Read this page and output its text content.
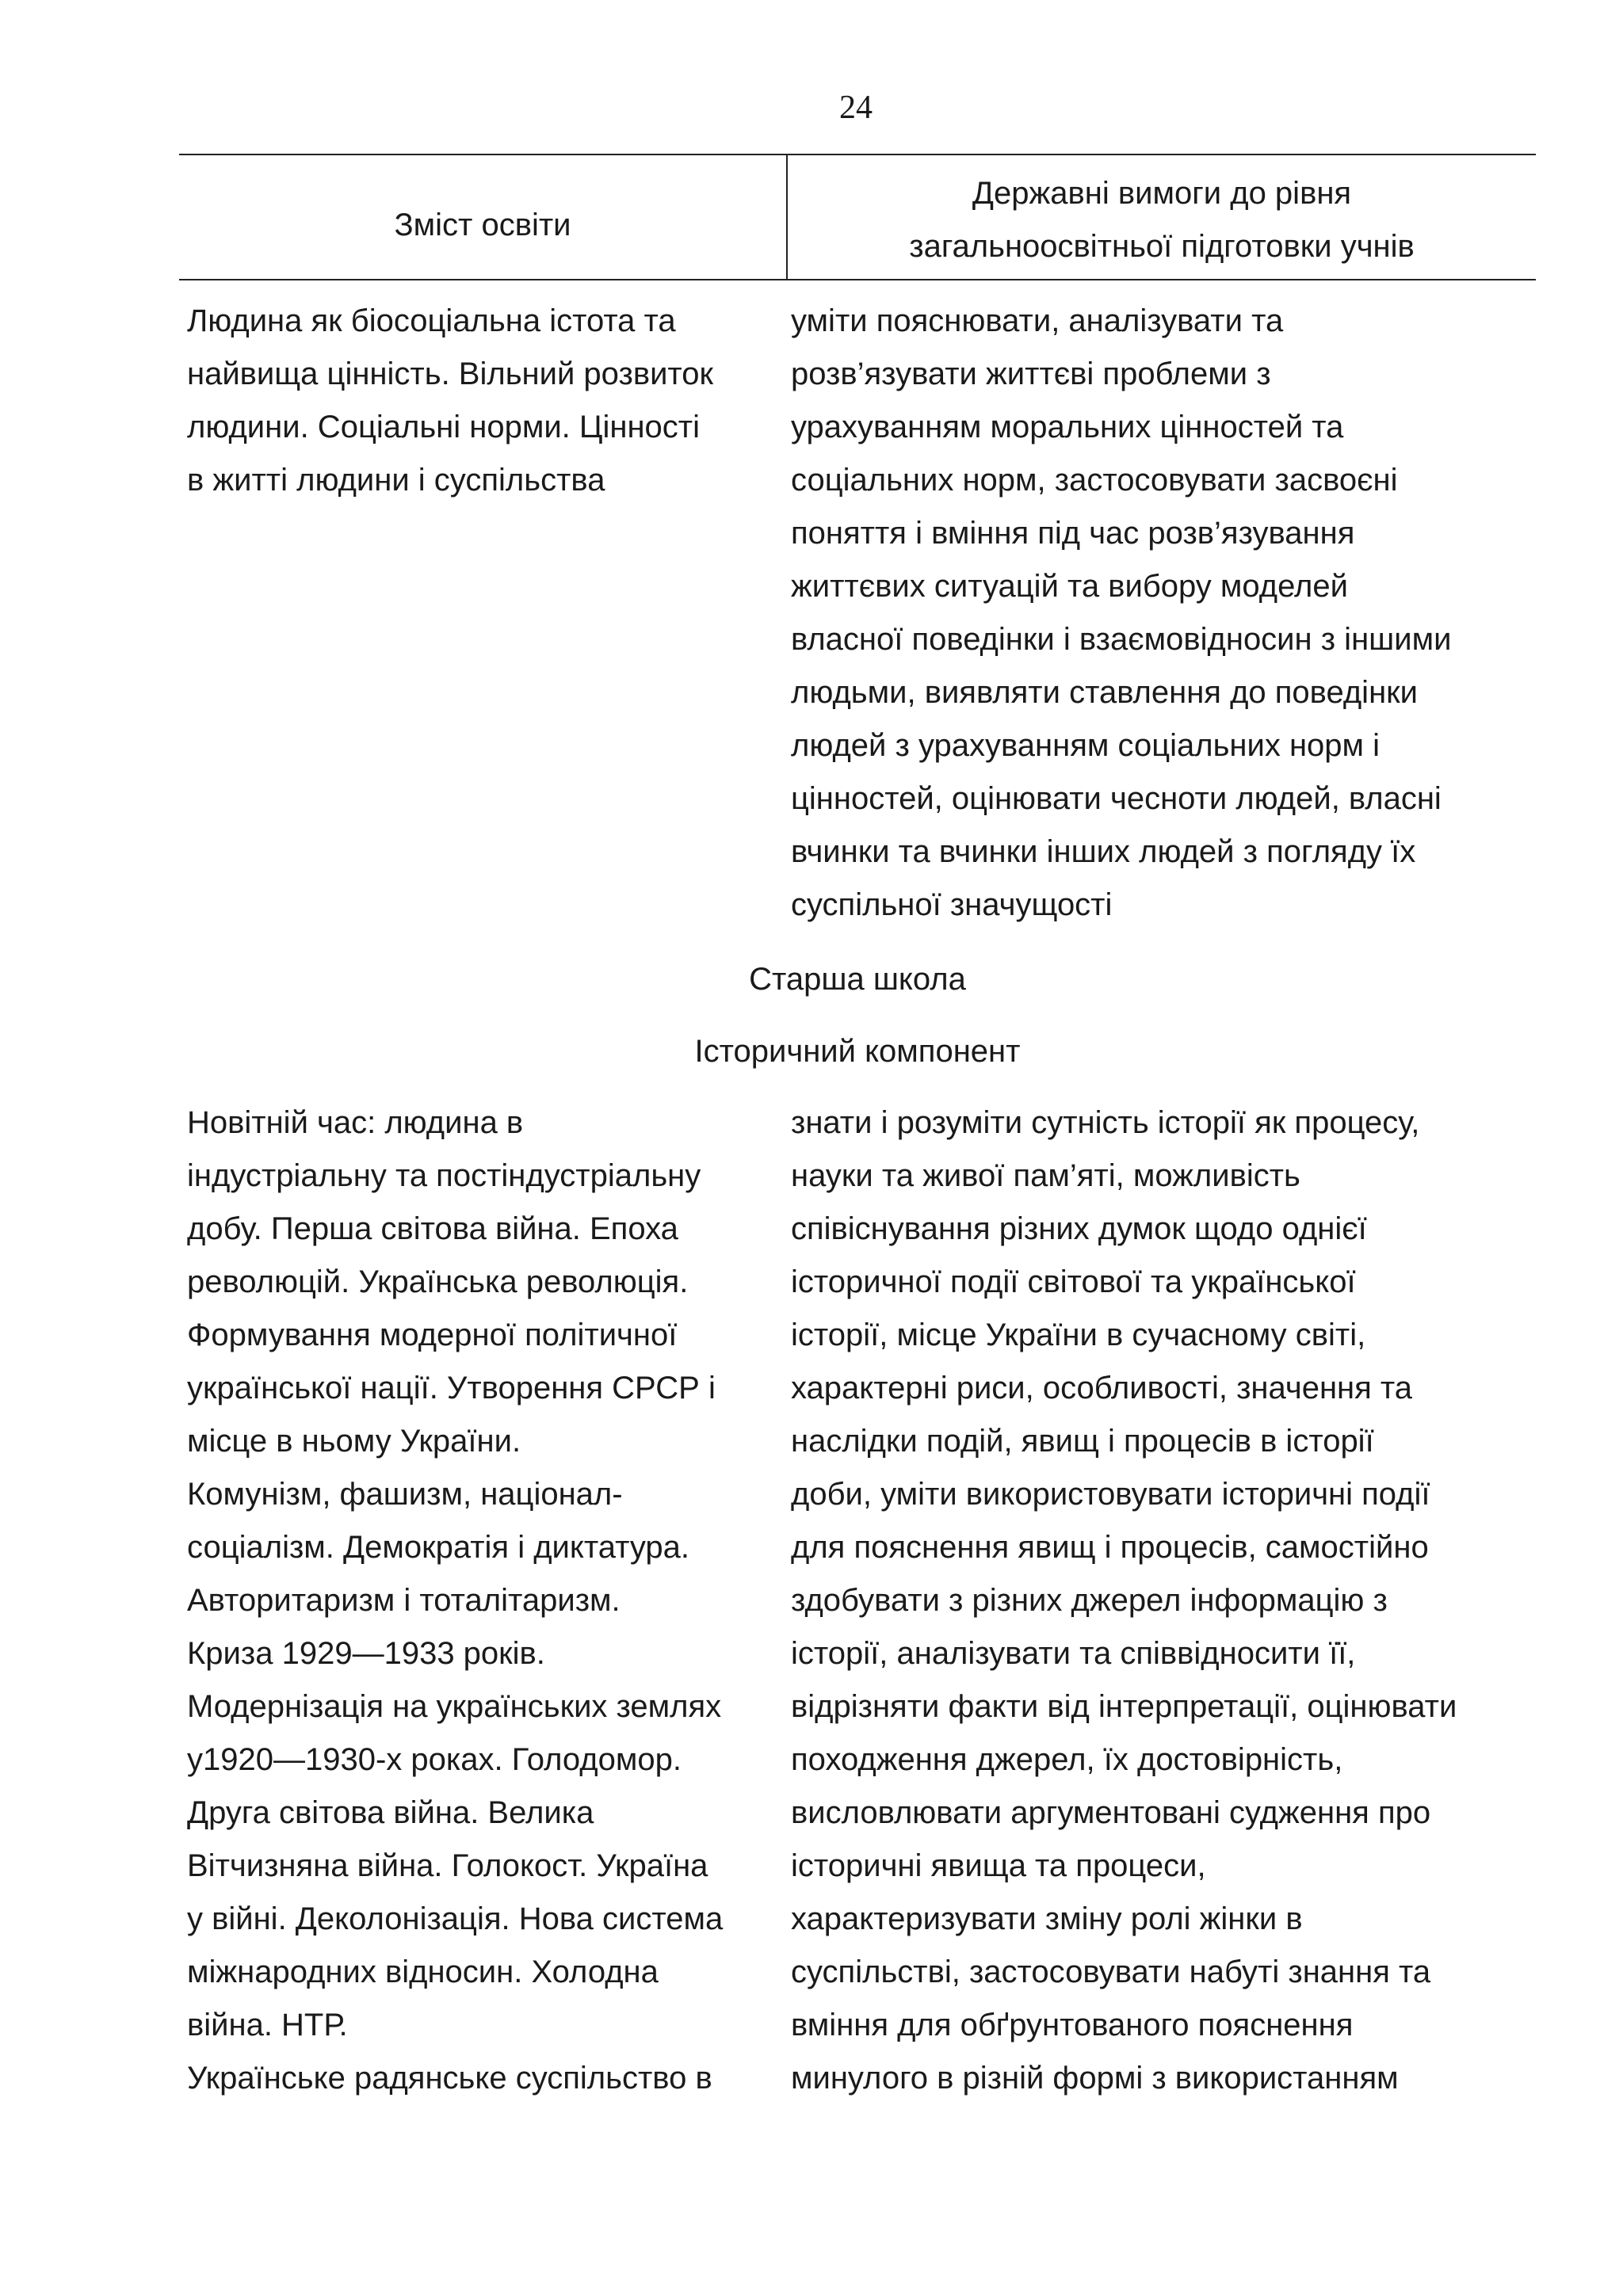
24
Зміст освіти
Державні вимоги до рівня
загальноосвітньої підготовки учнів
Людина як біосоціальна істота та
найвища цінність. Вільний розвиток
людини. Соціальні норми. Цінності
в житті людини і суспільства
уміти пояснювати, аналізувати та
розв’язувати життєві проблеми з
урахуванням моральних цінностей та
соціальних норм, застосовувати засвоєні
поняття і вміння під час розв’язування
життєвих ситуацій та вибору моделей
власної поведінки і взаємовідносин з іншими
людьми, виявляти ставлення до поведінки
людей з урахуванням соціальних норм і
цінностей, оцінювати чесноти людей, власні
вчинки та вчинки інших людей з погляду їх
суспільної значущості
Старша школа
Історичний компонент
Новітній час: людина в
індустріальну та постіндустріальну
добу. Перша світова війна. Епоха
революцій. Українська революція.
Формування модерної політичної
української нації. Утворення СРСР і
місце в ньому України.
Комунізм, фашизм, націонал-
соціалізм. Демократія і диктатура.
Авторитаризм і тоталітаризм.
Криза 1929—1933 років.
Модернізація на українських землях
у1920—1930-х роках. Голодомор.
Друга світова війна. Велика
Вітчизняна війна. Голокост. Україна
у війні. Деколонізація. Нова система
міжнародних відносин. Холодна
війна. НТР.
Українське радянське суспільство в
знати і розуміти сутність історії як процесу,
науки та живої пам’яті, можливість
співіснування різних думок щодо однієї
історичної події світової та української
історії, місце України в сучасному світі,
характерні риси, особливості, значення та
наслідки подій, явищ і процесів в історії
доби, уміти використовувати історичні події
для пояснення явищ і процесів, самостійно
здобувати з різних джерел інформацію з
історії, аналізувати та співвідносити її,
відрізняти факти від інтерпретації, оцінювати
походження джерел, їх достовірність,
висловлювати аргументовані судження про
історичні явища та процеси,
характеризувати зміну ролі жінки в
суспільстві, застосовувати набуті знання та
вміння для обґрунтованого пояснення
минулого в різній формі з використанням
